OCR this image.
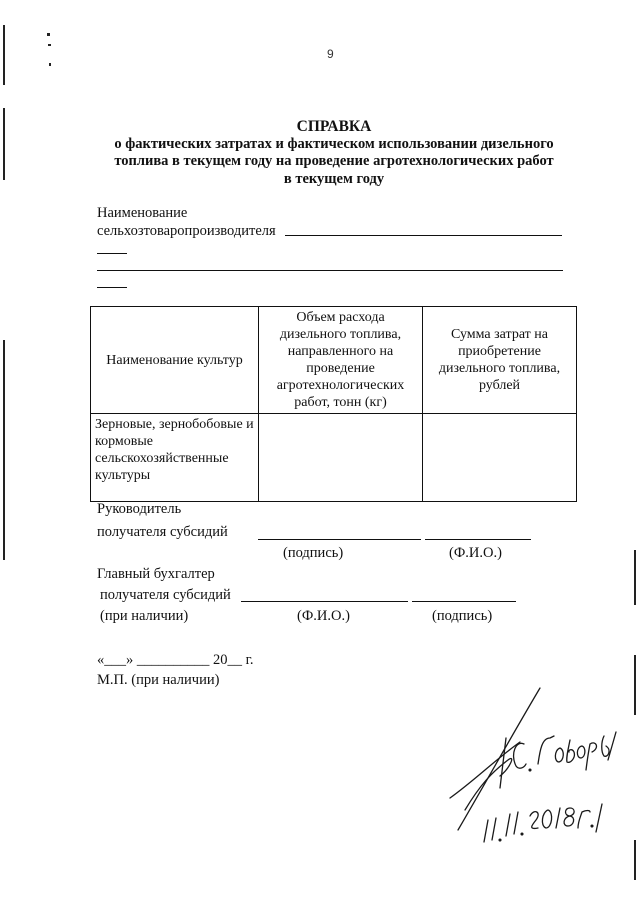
9
СПРАВКА
о фактических затратах и фактическом использовании дизельного
топлива в текущем году на проведение агротехнологических работ
в текущем году
Наименование
сельхозтоваропроизводителя
Наименование культур	Объем расхода дизельного топлива, направленного на проведение агротехнологических работ, тонн (кг)	Сумма затрат на приобретение дизельного топлива, рублей
Зерновые, зернобобовые и кормовые сельскохозяйственные культуры		
Руководитель
получателя субсидий
(подпись)	(Ф.И.О.)
Главный бухгалтер
получателя субсидий
(при наличии)	(Ф.И.О.)	(подпись)
«___» __________ 20__ г.
М.П. (при наличии)
